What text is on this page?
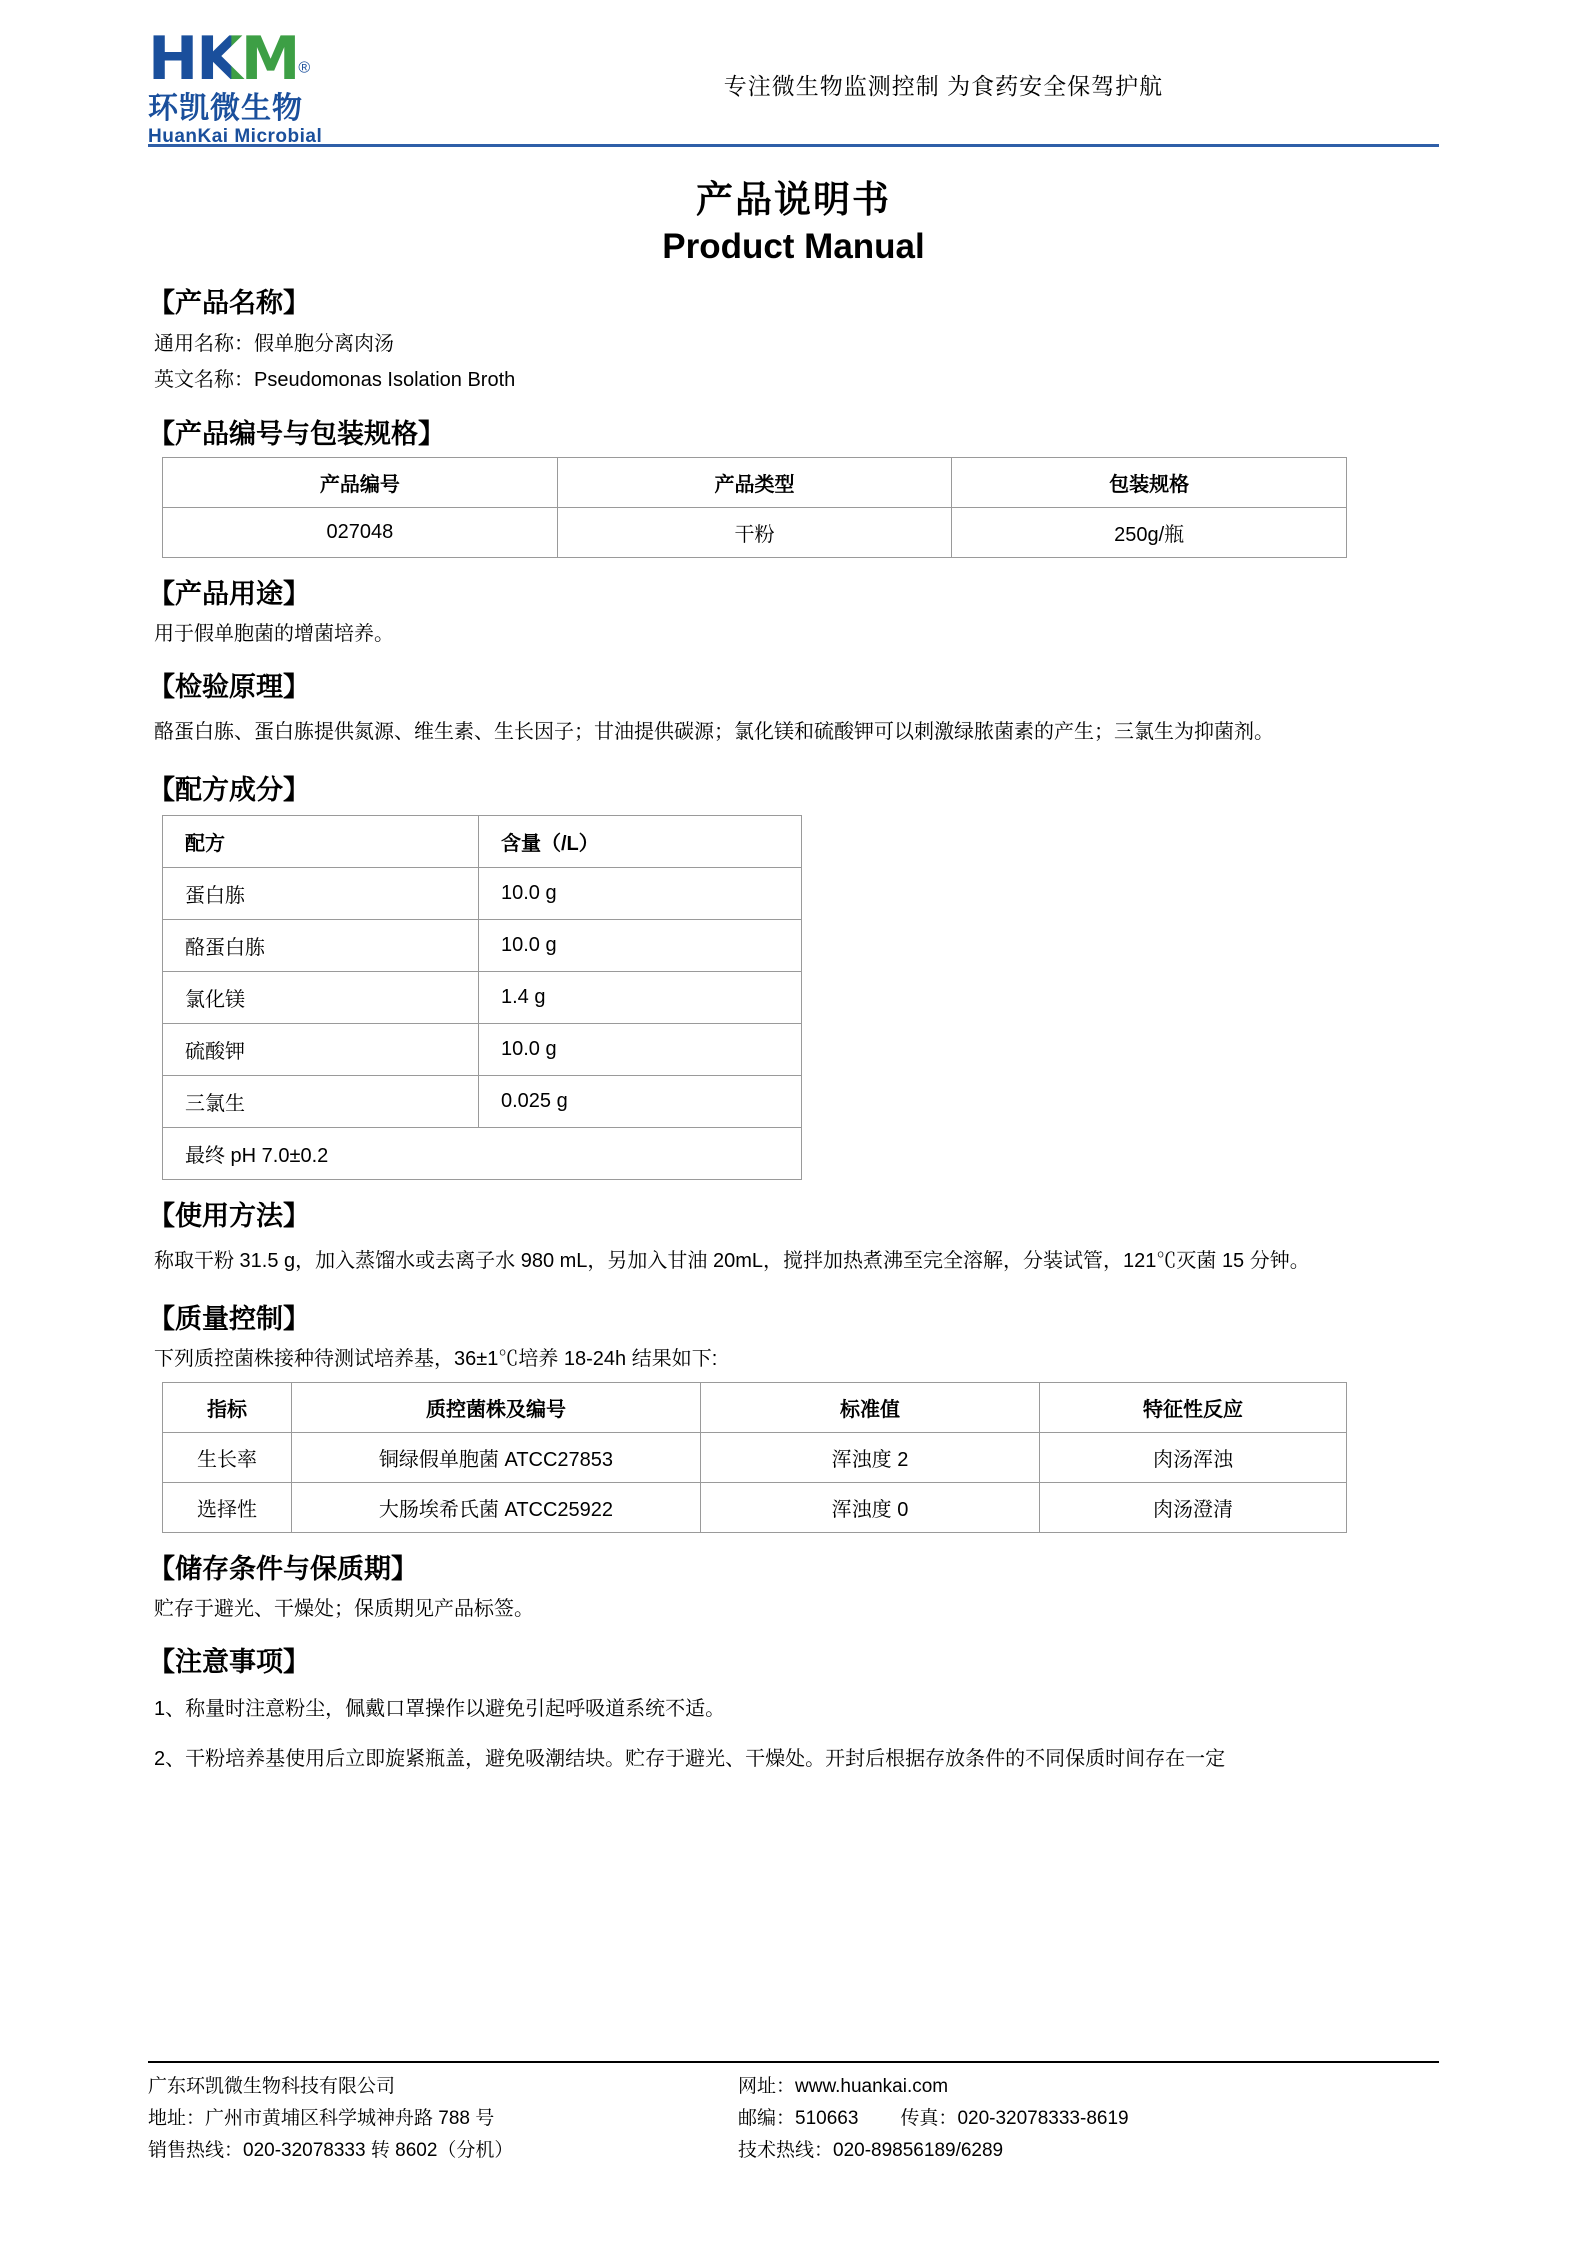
HKM®
环凯微生物
HuanKai Microbial
专注微生物监测控制 为食药安全保驾护航
产品说明书
Product Manual
【产品名称】
通用名称：假单胞分离肉汤
英文名称：Pseudomonas Isolation Broth
【产品编号与包装规格】
产品编号	产品类型	包装规格
027048	干粉	250g/瓶
【产品用途】
用于假单胞菌的增菌培养。
【检验原理】
酪蛋白胨、蛋白胨提供氮源、维生素、生长因子；甘油提供碳源；氯化镁和硫酸钾可以刺激绿脓菌素的产生；三氯生为抑菌剂。
【配方成分】
配方	含量（/L）
蛋白胨	10.0 g
酪蛋白胨	10.0 g
氯化镁	1.4 g
硫酸钾	10.0 g
三氯生	0.025 g
最终 pH 7.0±0.2	
【使用方法】
称取干粉 31.5 g，加入蒸馏水或去离子水 980 mL，另加入甘油 20mL，搅拌加热煮沸至完全溶解，分装试管，121℃灭菌 15 分钟。
【质量控制】
下列质控菌株接种待测试培养基，36±1℃培养 18-24h 结果如下:
指标	质控菌株及编号	标准值	特征性反应
生长率	铜绿假单胞菌 ATCC27853	浑浊度 2	肉汤浑浊
选择性	大肠埃希氏菌 ATCC25922	浑浊度 0	肉汤澄清
【储存条件与保质期】
贮存于避光、干燥处；保质期见产品标签。
【注意事项】
1、称量时注意粉尘，佩戴口罩操作以避免引起呼吸道系统不适。
2、干粉培养基使用后立即旋紧瓶盖，避免吸潮结块。贮存于避光、干燥处。开封后根据存放条件的不同保质时间存在一定
广东环凯微生物科技有限公司
地址：广州市黄埔区科学城神舟路 788 号
销售热线：020-32078333 转 8602（分机）
网址： www.huankai.com
邮编： 510663 传真： 020-32078333-8619
技术热线： 020-89856189/6289
